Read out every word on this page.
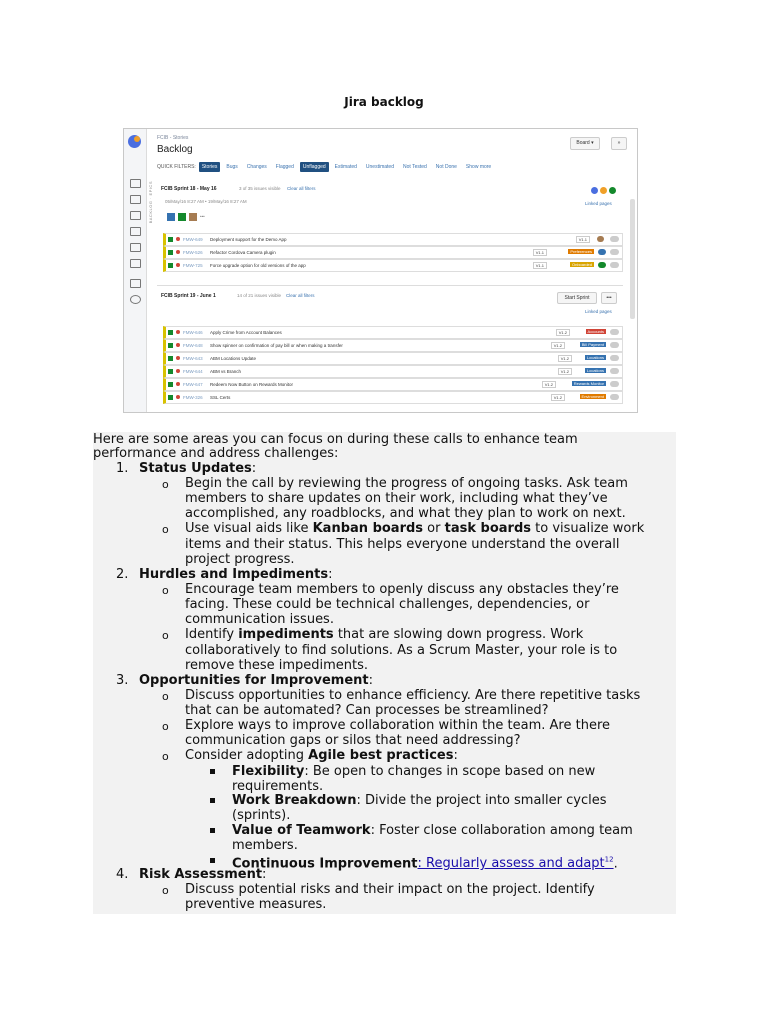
Jira backlog
BACKLOG · EPICS
FCIB - Stories
Backlog
Board ▾	»
QUICK FILTERS:	Stories	Bugs	Changes	Flagged	Unflagged	Estimated	Unestimated	Not Tested	Not Done	Show more
FCIB Sprint 18 - May 16	3 of 35 issues visible Clear all filters
05/May/16 8:27 AM • 19/May/16 8:27 AM	Linked pages
•••
FMW-649 Deployment support for the Demo App	V1.1
FMW-526 Refactor Cordova Camera plugin	V1.1	Preferences
FMW-725 Force upgrade option for old versions of the app	V1.1	Onboarded
FCIB Sprint 19 - June 1	14 of 21 issues visible Clear all filters	Start Sprint	•••
Linked pages
FMW-646 Apply Crime from Account Balances	V1.2	Accounts
FMW-648 Show spinner on confirmation of pay bill or when making a transfer	V1.2	Bill Payment
FMW-643 ABM Locations Update	V1.2	Locations
FMW-644 ABM vs Branch	V1.2	Locations
FMW-647 Redeem Now Button on Rewards Monitor	V1.2	Rewards Monitor
FMW-326 SSL Certs	V1.2	Environment
Here are some areas you can focus on during these calls to enhance team
performance and address challenges:
1. Status Updates:
o Begin the call by reviewing the progress of ongoing tasks. Ask team
members to share updates on their work, including what they’ve
accomplished, any roadblocks, and what they plan to work on next.
o Use visual aids like Kanban boards or task boards to visualize work
items and their status. This helps everyone understand the overall
project progress.
2. Hurdles and Impediments:
o Encourage team members to openly discuss any obstacles they’re
facing. These could be technical challenges, dependencies, or
communication issues.
o Identify impediments that are slowing down progress. Work
collaboratively to find solutions. As a Scrum Master, your role is to
remove these impediments.
3. Opportunities for Improvement:
o Discuss opportunities to enhance efficiency. Are there repetitive tasks
that can be automated? Can processes be streamlined?
o Explore ways to improve collaboration within the team. Are there
communication gaps or silos that need addressing?
o Consider adopting Agile best practices:
Flexibility: Be open to changes in scope based on new
requirements.
Work Breakdown: Divide the project into smaller cycles
(sprints).
Value of Teamwork: Foster close collaboration among team
members.
Continuous Improvement: Regularly assess and adapt$^{12}$.
4. Risk Assessment:
o Discuss potential risks and their impact on the project. Identify
preventive measures.
